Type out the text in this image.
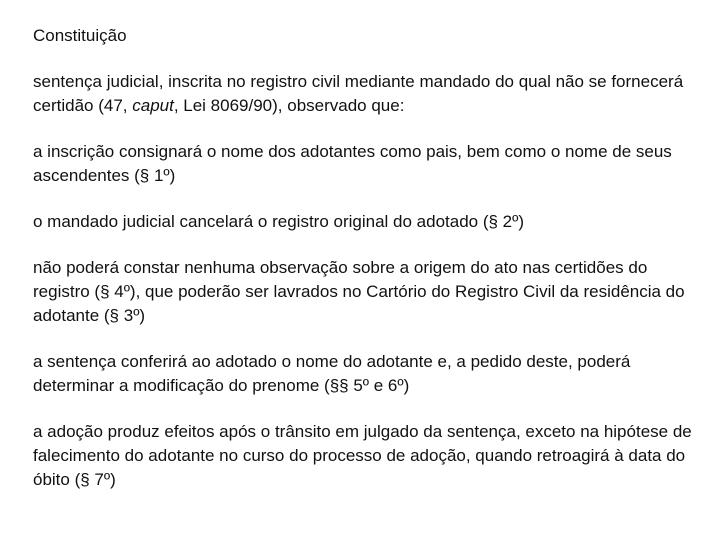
Constituição

sentença judicial, inscrita no registro civil mediante mandado do qual não se fornecerá certidão (47, caput, Lei 8069/90), observado que:

a inscrição consignará o nome dos adotantes como pais, bem como o nome de seus ascendentes (§ 1º)

o mandado judicial cancelará o registro original do adotado (§ 2º)

não poderá constar nenhuma observação sobre a origem do ato nas certidões do registro (§ 4º), que poderão ser lavrados no Cartório do Registro Civil da residência do adotante (§ 3º)

a sentença conferirá ao adotado o nome do adotante e, a pedido deste, poderá determinar a modificação do prenome (§§ 5º e 6º)

a adoção produz efeitos após o trânsito em julgado da sentença, exceto na hipótese de falecimento do adotante no curso do processo de adoção, quando retroagirá à data do óbito (§ 7º)
